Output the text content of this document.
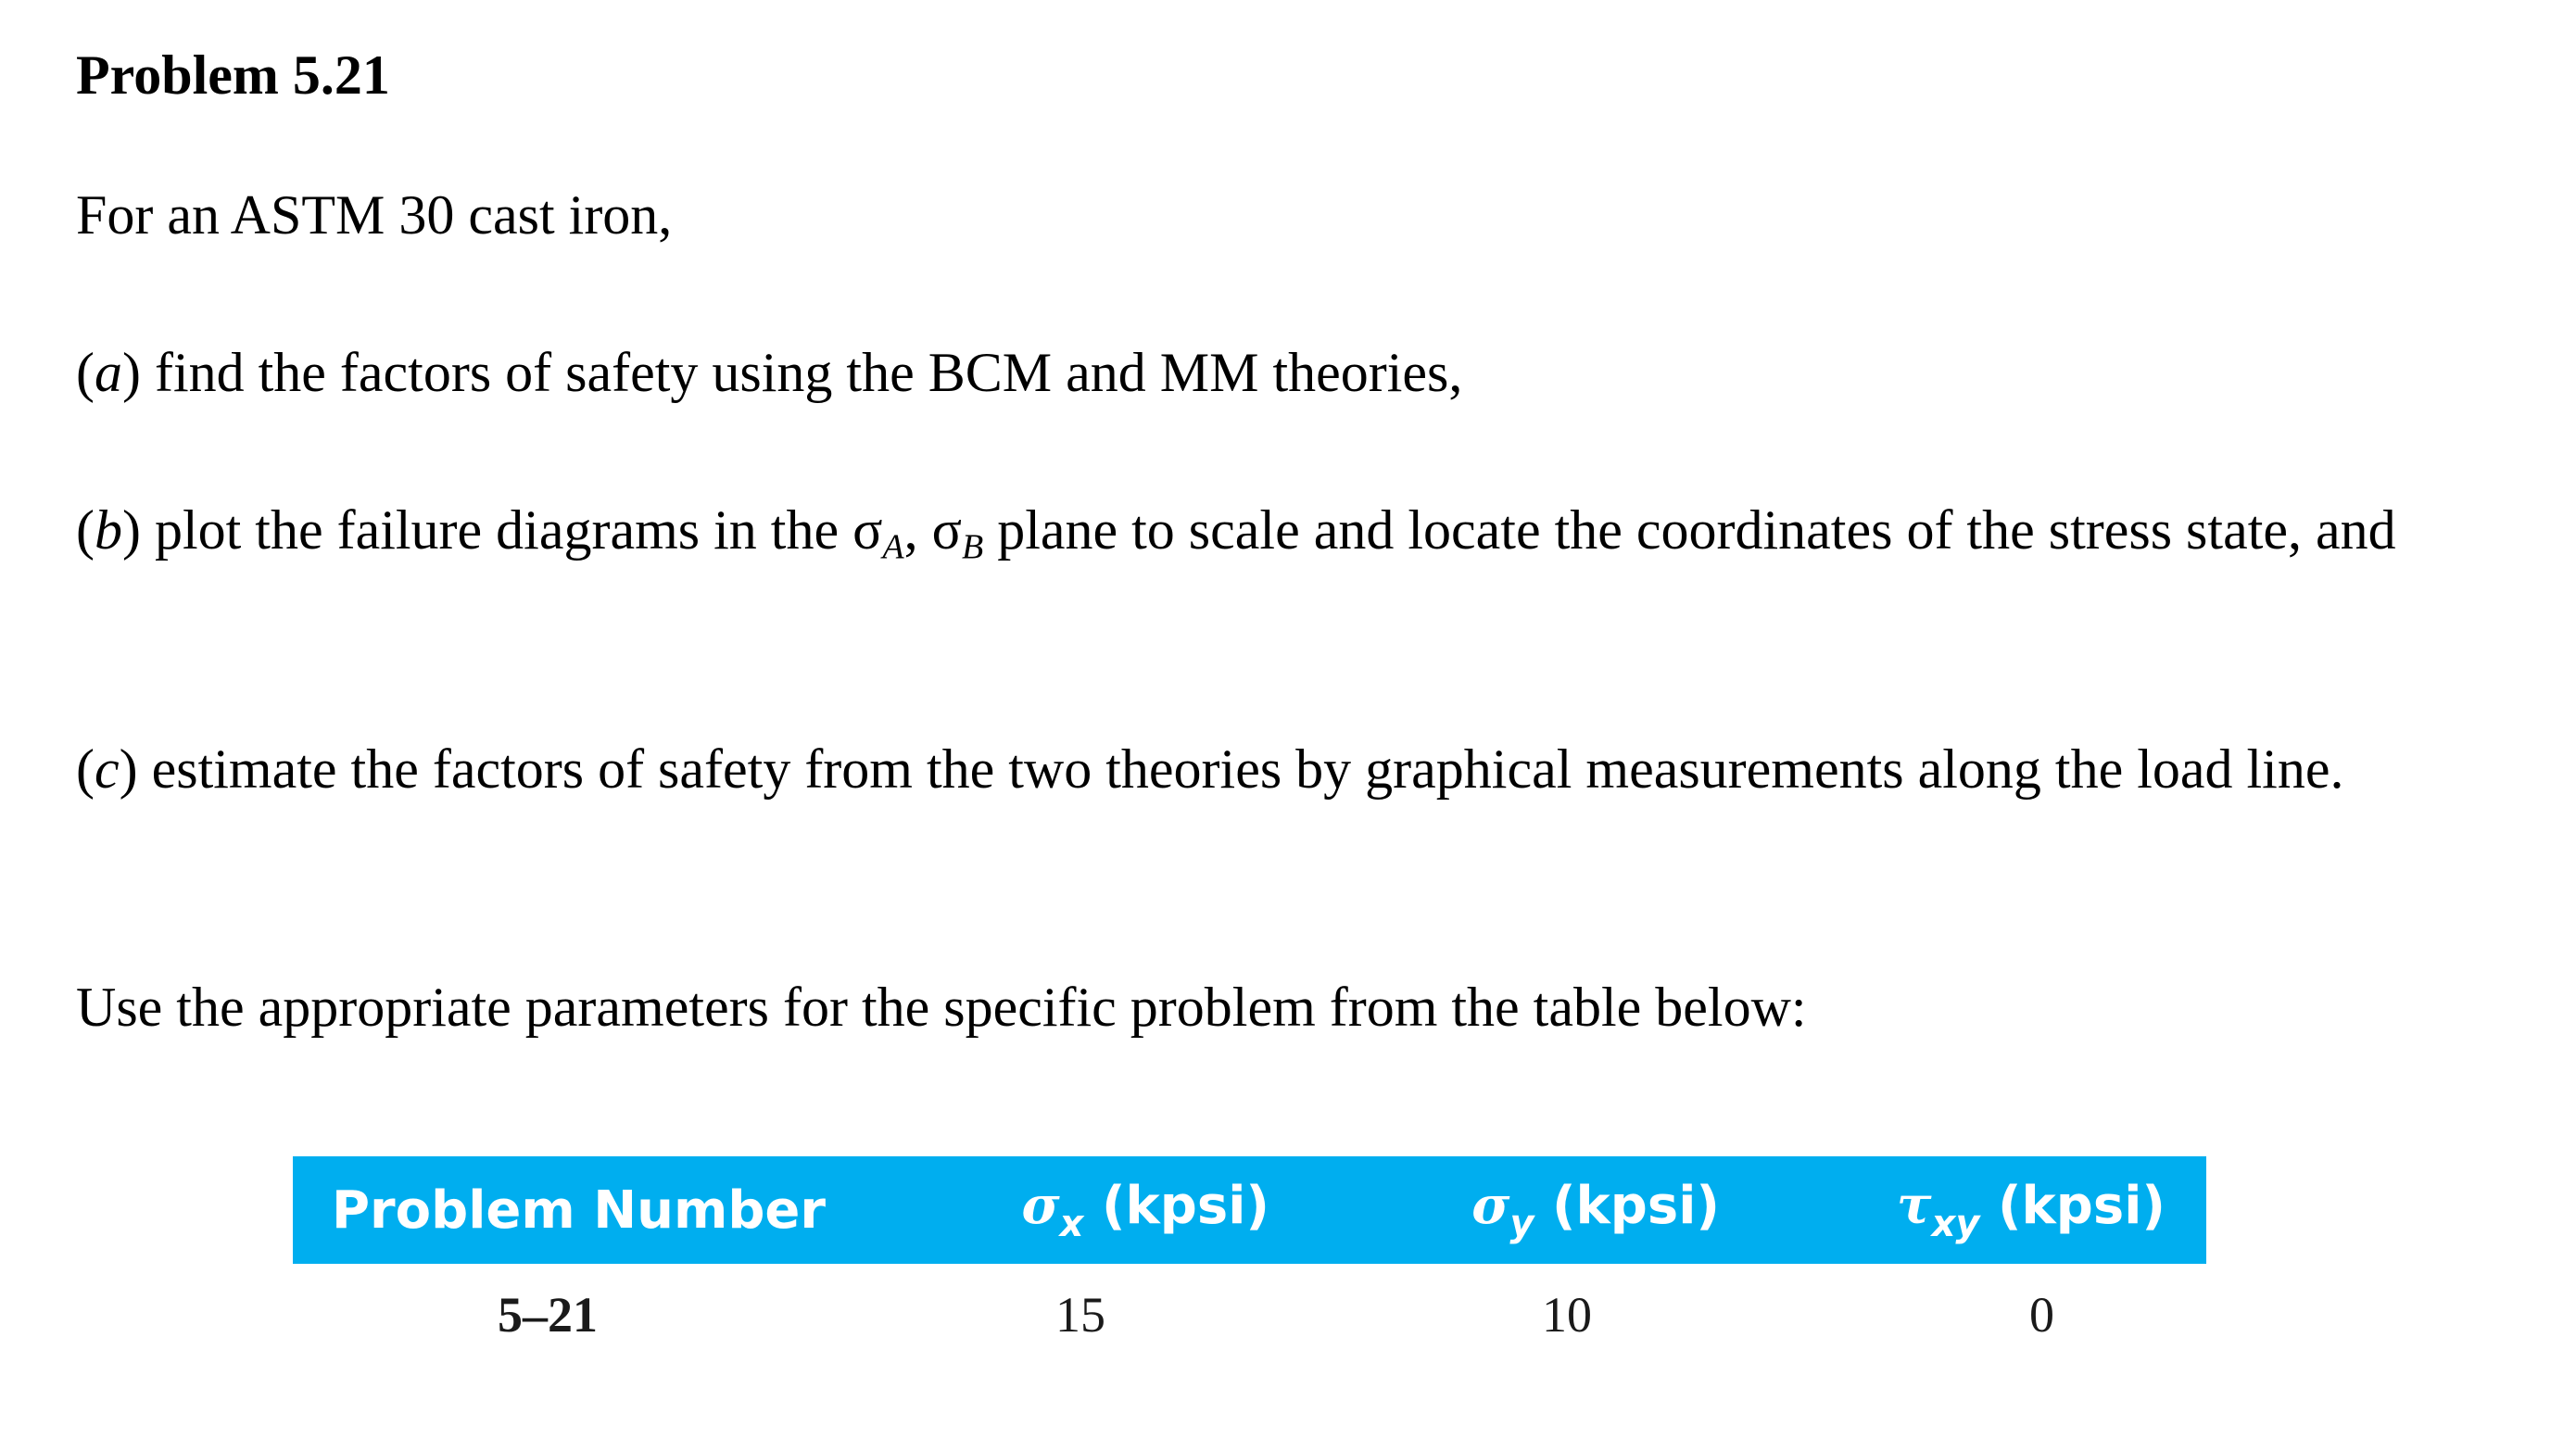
Problem 5.21

For an ASTM 30 cast iron,

(a) find the factors of safety using the BCM and MM theories,

(b) plot the failure diagrams in the $\sigma_A$, $\sigma_B$ plane to scale and locate the coordinates of the stress state, and

(c) estimate the factors of safety from the two theories by graphical measurements along the load line.

Use the appropriate parameters for the specific problem from the table below:

Problem Number	$\sigma_x$ (kpsi)	$\sigma_y$ (kpsi)	$\tau_{xy}$ (kpsi)
5–21	15	10	0
